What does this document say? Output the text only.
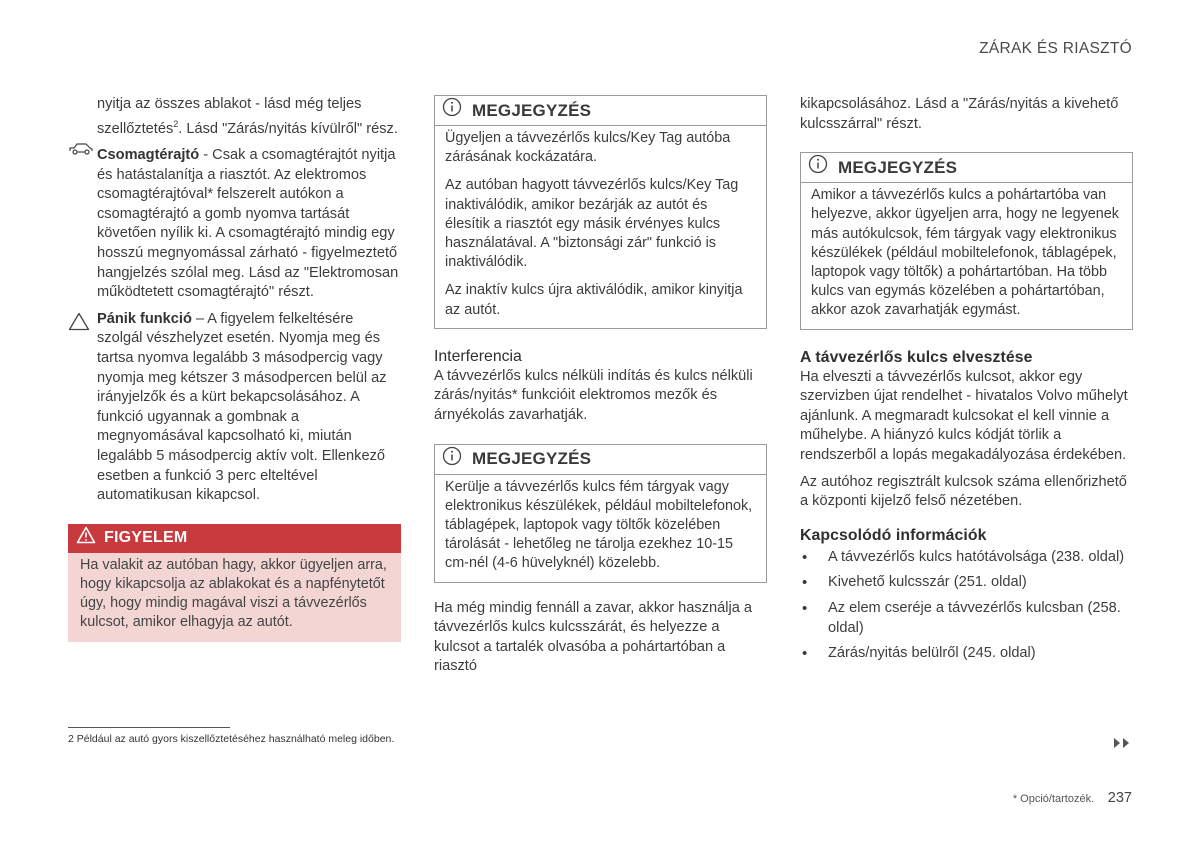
ZÁRAK ÉS RIASZTÓ
nyitja az összes ablakot - lásd még teljes szellőztetés$^2$. Lásd "Zárás/nyitás kívülről" rész.
Csomagtérajtó - Csak a csomagtérajtót nyitja és hatástalanítja a riasztót. Az elektromos csomagtérajtóval* felszerelt autókon a csomagtérajtó a gomb nyomva tartását követően nyílik ki. A csomagtérajtó mindig egy hosszú megnyomással zárható - figyelmeztető hangjelzés szólal meg. Lásd az "Elektromosan működtetett csomagtérajtó" részt.
Pánik funkció – A figyelem felkeltésére szolgál vészhelyzet esetén. Nyomja meg és tartsa nyomva legalább 3 másodpercig vagy nyomja meg kétszer 3 másodpercen belül az irányjelzők és a kürt bekapcsolásához. A funkció ugyannak a gombnak a megnyomásával kapcsolható ki, miután legalább 5 másodpercig aktív volt. Ellenkező esetben a funkció 3 perc elteltével automatikusan kikapcsol.
FIGYELEM
Ha valakit az autóban hagy, akkor ügyeljen arra, hogy kikapcsolja az ablakokat és a napfénytetőt úgy, hogy mindig magával viszi a távvezérlős kulcsot, amikor elhagyja az autót.
MEGJEGYZÉS
Ügyeljen a távvezérlős kulcs/Key Tag autóba zárásának kockázatára.
Az autóban hagyott távvezérlős kulcs/Key Tag inaktiválódik, amikor bezárják az autót és élesítik a riasztót egy másik érvényes kulcs használatával. A "biztonsági zár" funkció is inaktiválódik.
Az inaktív kulcs újra aktiválódik, amikor kinyitja az autót.
Interferencia
A távvezérlős kulcs nélküli indítás és kulcs nélküli zárás/nyitás* funkcióit elektromos mezők és árnyékolás zavarhatják.
MEGJEGYZÉS
Kerülje a távvezérlős kulcs fém tárgyak vagy elektronikus készülékek, például mobiltelefonok, táblagépek, laptopok vagy töltők közelében tárolását - lehetőleg ne tárolja ezekhez 10-15 cm-nél (4-6 hüvelyknél) közelebb.
Ha még mindig fennáll a zavar, akkor használja a távvezérlős kulcs kulcsszárát, és helyezze a kulcsot a tartalék olvasóba a pohártartóban a riasztó
kikapcsolásához. Lásd a "Zárás/nyitás a kivehető kulcsszárral" részt.
MEGJEGYZÉS
Amikor a távvezérlős kulcs a pohártartóba van helyezve, akkor ügyeljen arra, hogy ne legyenek más autókulcsok, fém tárgyak vagy elektronikus készülékek (például mobiltelefonok, táblagépek, laptopok vagy töltők) a pohártartóban. Ha több kulcs van egymás közelében a pohártartóban, akkor azok zavarhatják egymást.
A távvezérlős kulcs elvesztése
Ha elveszti a távvezérlős kulcsot, akkor egy szervizben újat rendelhet - hivatalos Volvo műhelyt ajánlunk. A megmaradt kulcsokat el kell vinnie a műhelybe. A hiányzó kulcs kódját törlik a rendszerből a lopás megakadályozása érdekében.
Az autóhoz regisztrált kulcsok száma ellenőrizhető a központi kijelző felső nézetében.
Kapcsolódó információk
• A távvezérlős kulcs hatótávolsága (238. oldal)
• Kivehető kulcsszár (251. oldal)
• Az elem cseréje a távvezérlős kulcsban (258. oldal)
• Zárás/nyitás belülről (245. oldal)
2 Például az autó gyors kiszellőztetéséhez használható meleg időben.
* Opció/tartozék. 237
